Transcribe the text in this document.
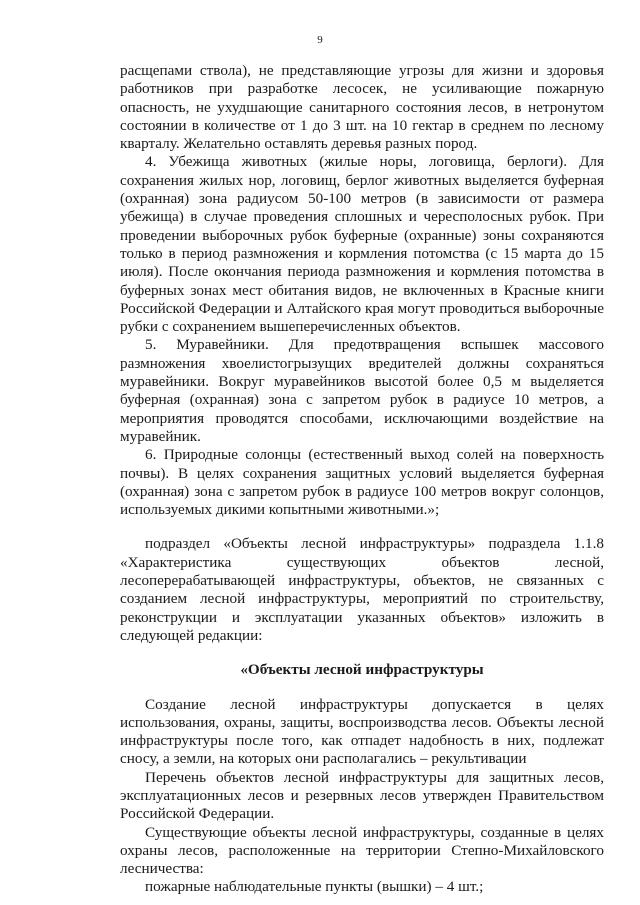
9

расщепами ствола), не представляющие угрозы для жизни и здоровья работников при разработке лесосек, не усиливающие пожарную опасность, не ухудшающие санитарного состояния лесов, в нетронутом состоянии в количестве от 1 до 3 шт. на 10 гектар в среднем по лесному кварталу. Желательно оставлять деревья разных пород.

4. Убежища животных (жилые норы, логовища, берлоги). Для сохранения жилых нор, логовищ, берлог животных выделяется буферная (охранная) зона радиусом 50-100 метров (в зависимости от размера убежища) в случае проведения сплошных и чересполосных рубок. При проведении выборочных рубок буферные (охранные) зоны сохраняются только в период размножения и кормления потомства (с 15 марта до 15 июля). После окончания периода размножения и кормления потомства в буферных зонах мест обитания видов, не включенных в Красные книги Российской Федерации и Алтайского края могут проводиться выборочные рубки с сохранением вышеперечисленных объектов.

5. Муравейники. Для предотвращения вспышек массового размножения хвоелистогрызущих вредителей должны сохраняться муравейники. Вокруг муравейников высотой более 0,5 м выделяется буферная (охранная) зона с запретом рубок в радиусе 10 метров, а мероприятия проводятся способами, исключающими воздействие на муравейник.

6. Природные солонцы (естественный выход солей на поверхность почвы). В целях сохранения защитных условий выделяется буферная (охранная) зона с запретом рубок в радиусе 100 метров вокруг солонцов, используемых дикими копытными животными.»;

подраздел «Объекты лесной инфраструктуры» подраздела 1.1.8 «Характеристика существующих объектов лесной, лесоперерабатывающей инфраструктуры, объектов, не связанных с созданием лесной инфраструктуры, мероприятий по строительству, реконструкции и эксплуатации указанных объектов» изложить в следующей редакции:

«Объекты лесной инфраструктуры

Создание лесной инфраструктуры допускается в целях использования, охраны, защиты, воспроизводства лесов. Объекты лесной инфраструктуры после того, как отпадет надобность в них, подлежат сносу, а земли, на которых они располагались – рекультивации

Перечень объектов лесной инфраструктуры для защитных лесов, эксплуатационных лесов и резервных лесов утвержден Правительством Российской Федерации.

Существующие объекты лесной инфраструктуры, созданные в целях охраны лесов, расположенные на территории Степно-Михайловского лесничества:

пожарные наблюдательные пункты (вышки) – 4 шт.;
